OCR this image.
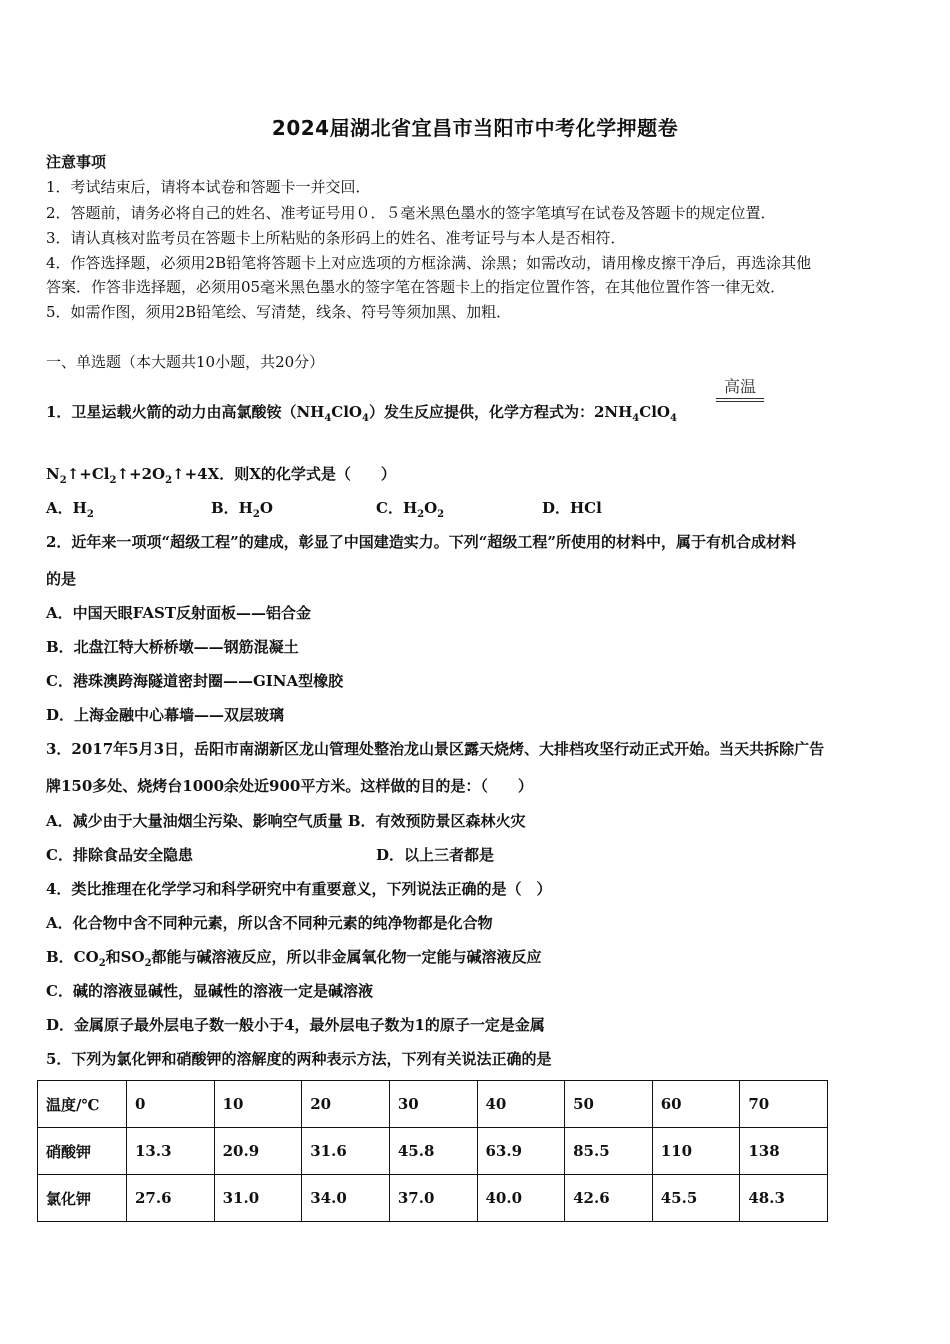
2024届湖北省宜昌市当阳市中考化学押题卷
注意事项
1．考试结束后，请将本试卷和答题卡一并交回．
2．答题前，请务必将自己的姓名、准考证号用０．５毫米黑色墨水的签字笔填写在试卷及答题卡的规定位置．
3．请认真核对监考员在答题卡上所粘贴的条形码上的姓名、准考证号与本人是否相符．
4．作答选择题，必须用2B铅笔将答题卡上对应选项的方框涂满、涂黑；如需改动，请用橡皮擦干净后，再选涂其他
答案．作答非选择题，必须用05毫米黑色墨水的签字笔在答题卡上的指定位置作答，在其他位置作答一律无效．
5．如需作图，须用2B铅笔绘、写清楚，线条、符号等须加黑、加粗．
一、单选题（本大题共10小题，共20分）
1．卫星运载火箭的动力由高氯酸铵$(NH_4ClO_4)$发生反应提供，化学方程式为：$2NH_4ClO_4$
高温
$N_2↑+Cl_2↑+2O_2↑+4X$．则X的化学式是（　　）
A．$H_2$	B．$H_2O$	C．$H_2O_2$	D．HCl
2．近年来一项项“超级工程”的建成，彰显了中国建造实力。下列“超级工程”所使用的材料中，属于有机合成材料
的是
A．中国天眼FAST反射面板——铝合金
B．北盘江特大桥桥墩——钢筋混凝土
C．港珠澳跨海隧道密封圈——GINA型橡胶
D．上海金融中心幕墙——双层玻璃
3．2017年5月3日，岳阳市南湖新区龙山管理处整治龙山景区露天烧烤、大排档攻坚行动正式开始。当天共拆除广告
牌150多处、烧烤台1000余处近900平方米。这样做的目的是：（　　）
A．减少由于大量油烟尘污染、影响空气质量 B．有效预防景区森林火灾
C．排除食品安全隐患	D．以上三者都是
4．类比推理在化学学习和科学研究中有重要意义，下列说法正确的是（　）
A．化合物中含不同种元素，所以含不同种元素的纯净物都是化合物
B．$CO_2$和$SO_2$都能与碱溶液反应，所以非金属氧化物一定能与碱溶液反应
C．碱的溶液显碱性，显碱性的溶液一定是碱溶液
D．金属原子最外层电子数一般小于4，最外层电子数为1的原子一定是金属
5．下列为氯化钾和硝酸钾的溶解度的两种表示方法，下列有关说法正确的是
温度/℃	0	10	20	30	40	50	60	70
硝酸钾	13.3	20.9	31.6	45.8	63.9	85.5	110	138
氯化钾	27.6	31.0	34.0	37.0	40.0	42.6	45.5	48.3
